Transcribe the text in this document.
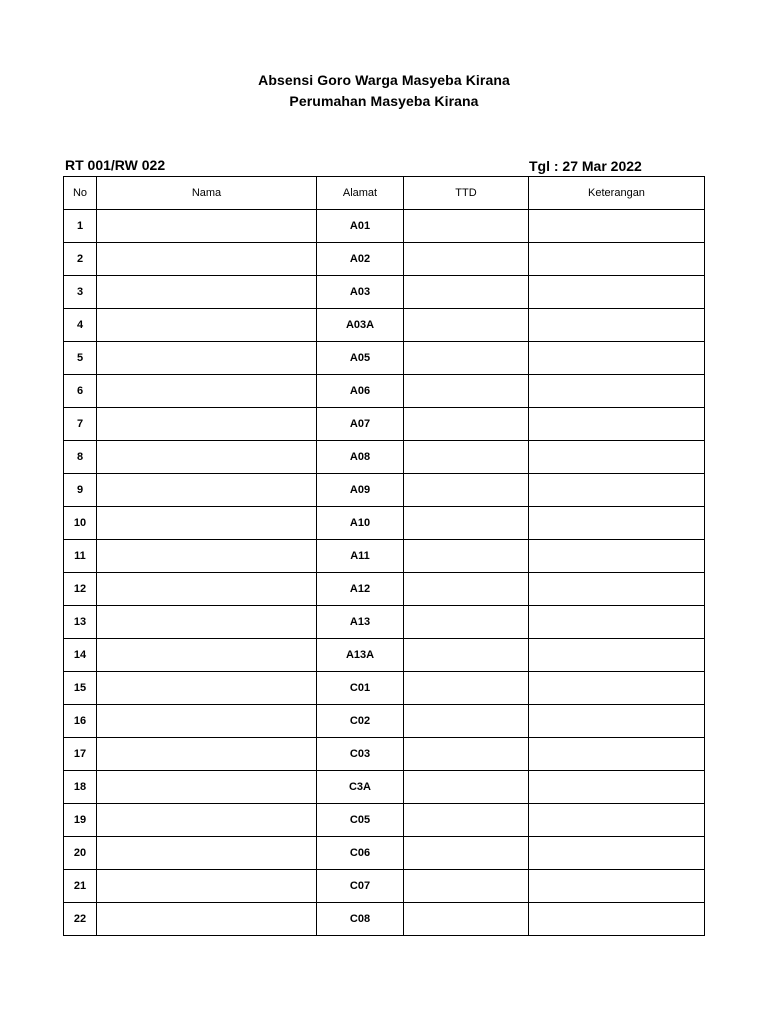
Absensi Goro Warga Masyeba Kirana
Perumahan Masyeba Kirana
RT 001/RW 022	Tgl : 27 Mar 2022
No	Nama	Alamat	TTD	Keterangan
1		A01		
2		A02		
3		A03		
4		A03A		
5		A05		
6		A06		
7		A07		
8		A08		
9		A09		
10		A10		
11		A11		
12		A12		
13		A13		
14		A13A		
15		C01		
16		C02		
17		C03		
18		C3A		
19		C05		
20		C06		
21		C07		
22		C08		
